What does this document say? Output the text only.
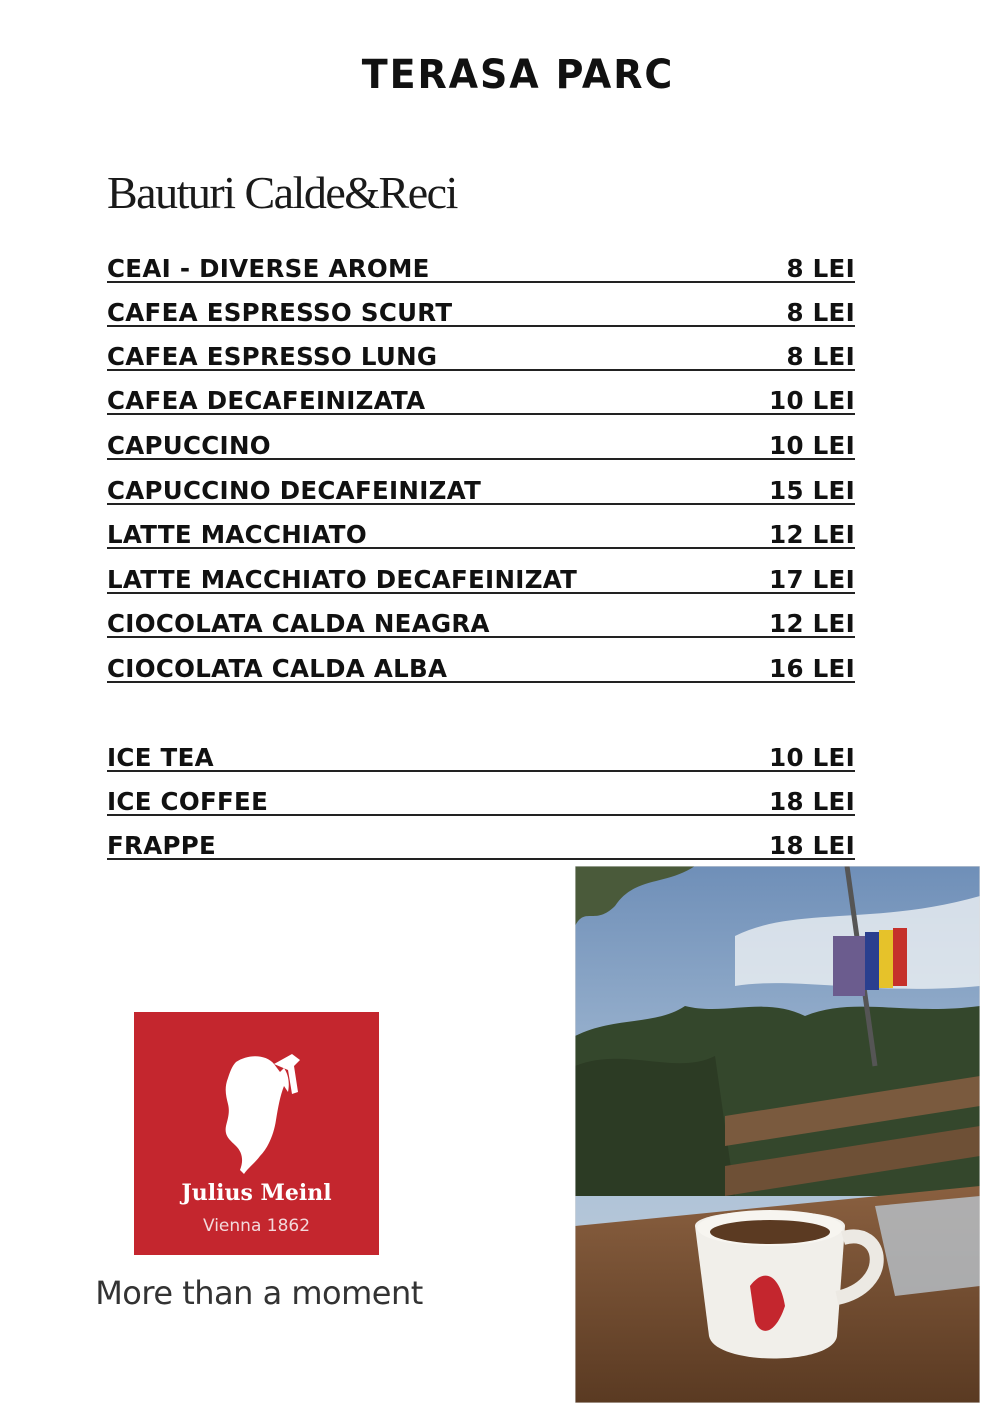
TERASA PARC
Bauturi Calde&Reci
CEAI - DIVERSE AROME	8 LEI
CAFEA ESPRESSO SCURT	8 LEI
CAFEA ESPRESSO LUNG	8 LEI
CAFEA DECAFEINIZATA	10 LEI
CAPUCCINO	10 LEI
CAPUCCINO DECAFEINIZAT	15 LEI
LATTE MACCHIATO	12 LEI
LATTE MACCHIATO DECAFEINIZAT	17 LEI
CIOCOLATA CALDA NEAGRA	12 LEI
CIOCOLATA CALDA ALBA	16 LEI
ICE TEA	10 LEI
ICE COFFEE	18 LEI
FRAPPE	18 LEI
Julius Meinl
Vienna 1862
More than a moment
